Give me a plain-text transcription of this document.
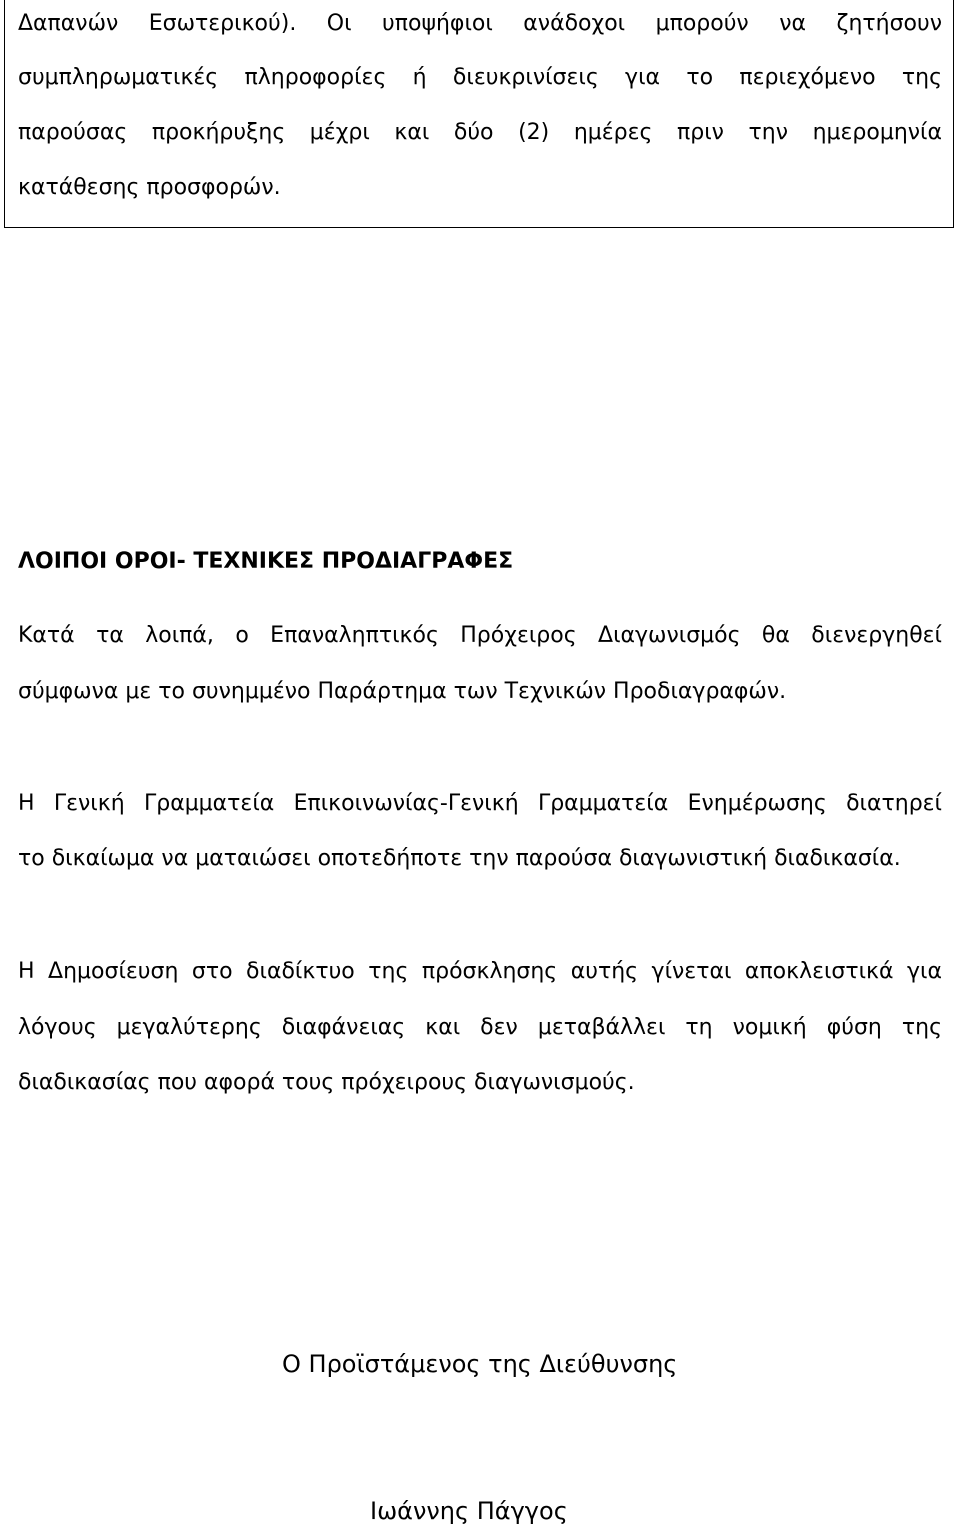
Δαπανών Εσωτερικού). Οι υποψήφιοι ανάδοχοι μπορούν να ζητήσουν
συμπληρωματικές πληροφορίες ή διευκρινίσεις για το περιεχόμενο της
παρούσας προκήρυξης μέχρι και δύο (2) ημέρες πριν την ημερομηνία
κατάθεσης προσφορών.
ΛΟΙΠΟΙ ΟΡΟΙ- ΤΕΧΝΙΚΕΣ ΠΡΟΔΙΑΓΡΑΦΕΣ
Κατά τα λοιπά, ο Επαναληπτικός Πρόχειρος Διαγωνισμός θα διενεργηθεί
σύμφωνα με το συνημμένο Παράρτημα των Τεχνικών Προδιαγραφών.
Η Γενική Γραμματεία Επικοινωνίας-Γενική Γραμματεία Ενημέρωσης διατηρεί
το δικαίωμα να ματαιώσει οποτεδήποτε την παρούσα διαγωνιστική διαδικασία.
Η Δημοσίευση στο διαδίκτυο της πρόσκλησης αυτής γίνεται αποκλειστικά για
λόγους μεγαλύτερης διαφάνειας και δεν μεταβάλλει τη νομική φύση της
διαδικασίας που αφορά τους πρόχειρους διαγωνισμούς.
Ο Προϊστάμενος της Διεύθυνσης
Ιωάννης Πάγγος
